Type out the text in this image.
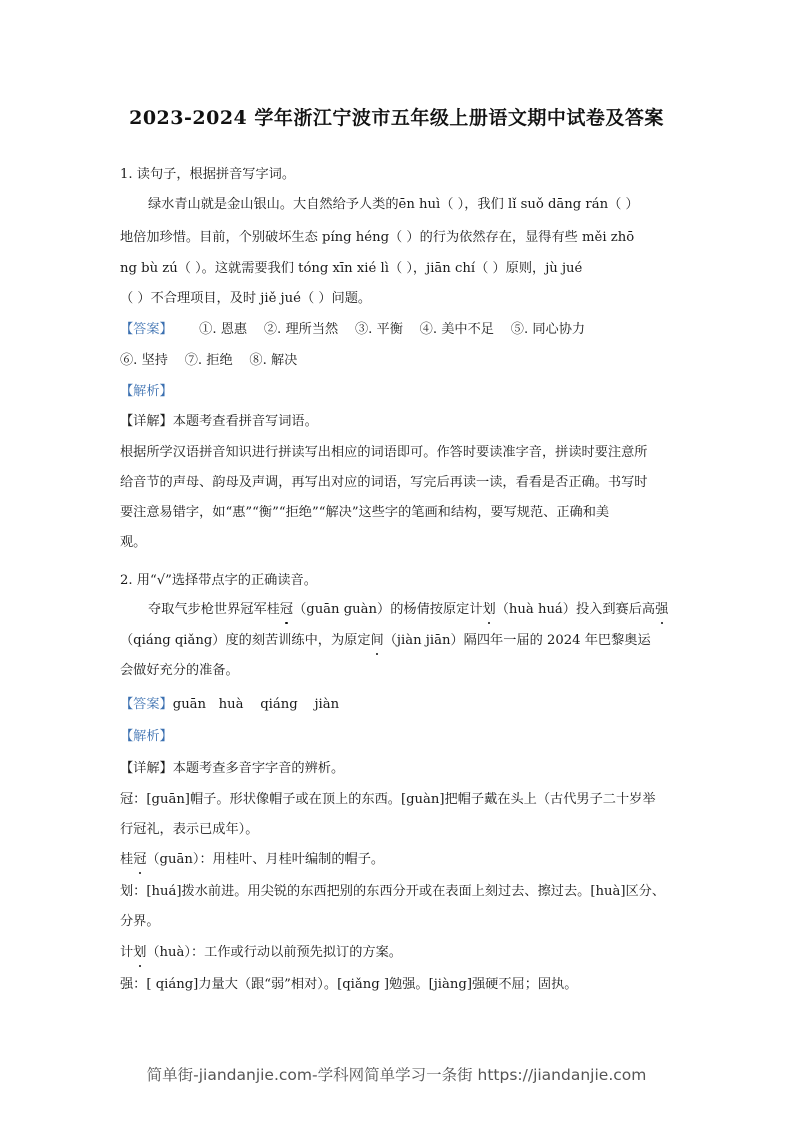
2023-2024 学年浙江宁波市五年级上册语文期中试卷及答案
1. 读句子，根据拼音写字词。
绿水青山就是金山银山。大自然给予人类的ēn huì（ ），我们 lǐ suǒ dāng rán（ ）
地倍加珍惜。目前，个别破坏生态 píng héng（ ）的行为依然存在，显得有些 měi zhō
ng bù zú（ ）。这就需要我们 tóng xīn xié lì（ ），jiān chí（ ）原则，jù jué
（ ）不合理项目，及时 jiě jué（ ）问题。
【答案】 ①. 恩惠    ②. 理所当然    ③. 平衡    ④. 美中不足    ⑤. 同心协力
⑥. 坚持    ⑦. 拒绝    ⑧. 解决
【解析】
【详解】本题考查看拼音写词语。
根据所学汉语拼音知识进行拼读写出相应的词语即可。作答时要读准字音，拼读时要注意所
给音节的声母、韵母及声调，再写出对应的词语，写完后再读一读，看看是否正确。书写时
要注意易错字，如“惠”“衡”“拒绝”“解决”这些字的笔画和结构，要写规范、正确和美
观。
2. 用“√”选择带点字的正确读音。
夺取气步枪世界冠军桂冠（guān guàn）的杨倩按原定计划（huà huá）投入到赛后高强
（qiáng qiǎng）度的刻苦训练中，为原定间（jiàn jiān）隔四年一届的 2024 年巴黎奥运
会做好充分的准备。
【答案】guān   huà    qiáng    jiàn
【解析】
【详解】本题考查多音字字音的辨析。
冠：[guān]帽子。形状像帽子或在顶上的东西。[guàn]把帽子戴在头上（古代男子二十岁举
行冠礼，表示已成年）。
桂冠（guān）：用桂叶、月桂叶编制的帽子。
划：[huá]拨水前进。用尖锐的东西把别的东西分开或在表面上刻过去、擦过去。[huà]区分、
分界。
计划（huà）：工作或行动以前预先拟订的方案。
强：[ qiáng]力量大（跟“弱”相对）。[qiǎng ]勉强。[jiàng]强硬不屈；固执。
简单街-jiandanjie.com-学科网简单学习一条街 https://jiandanjie.com
